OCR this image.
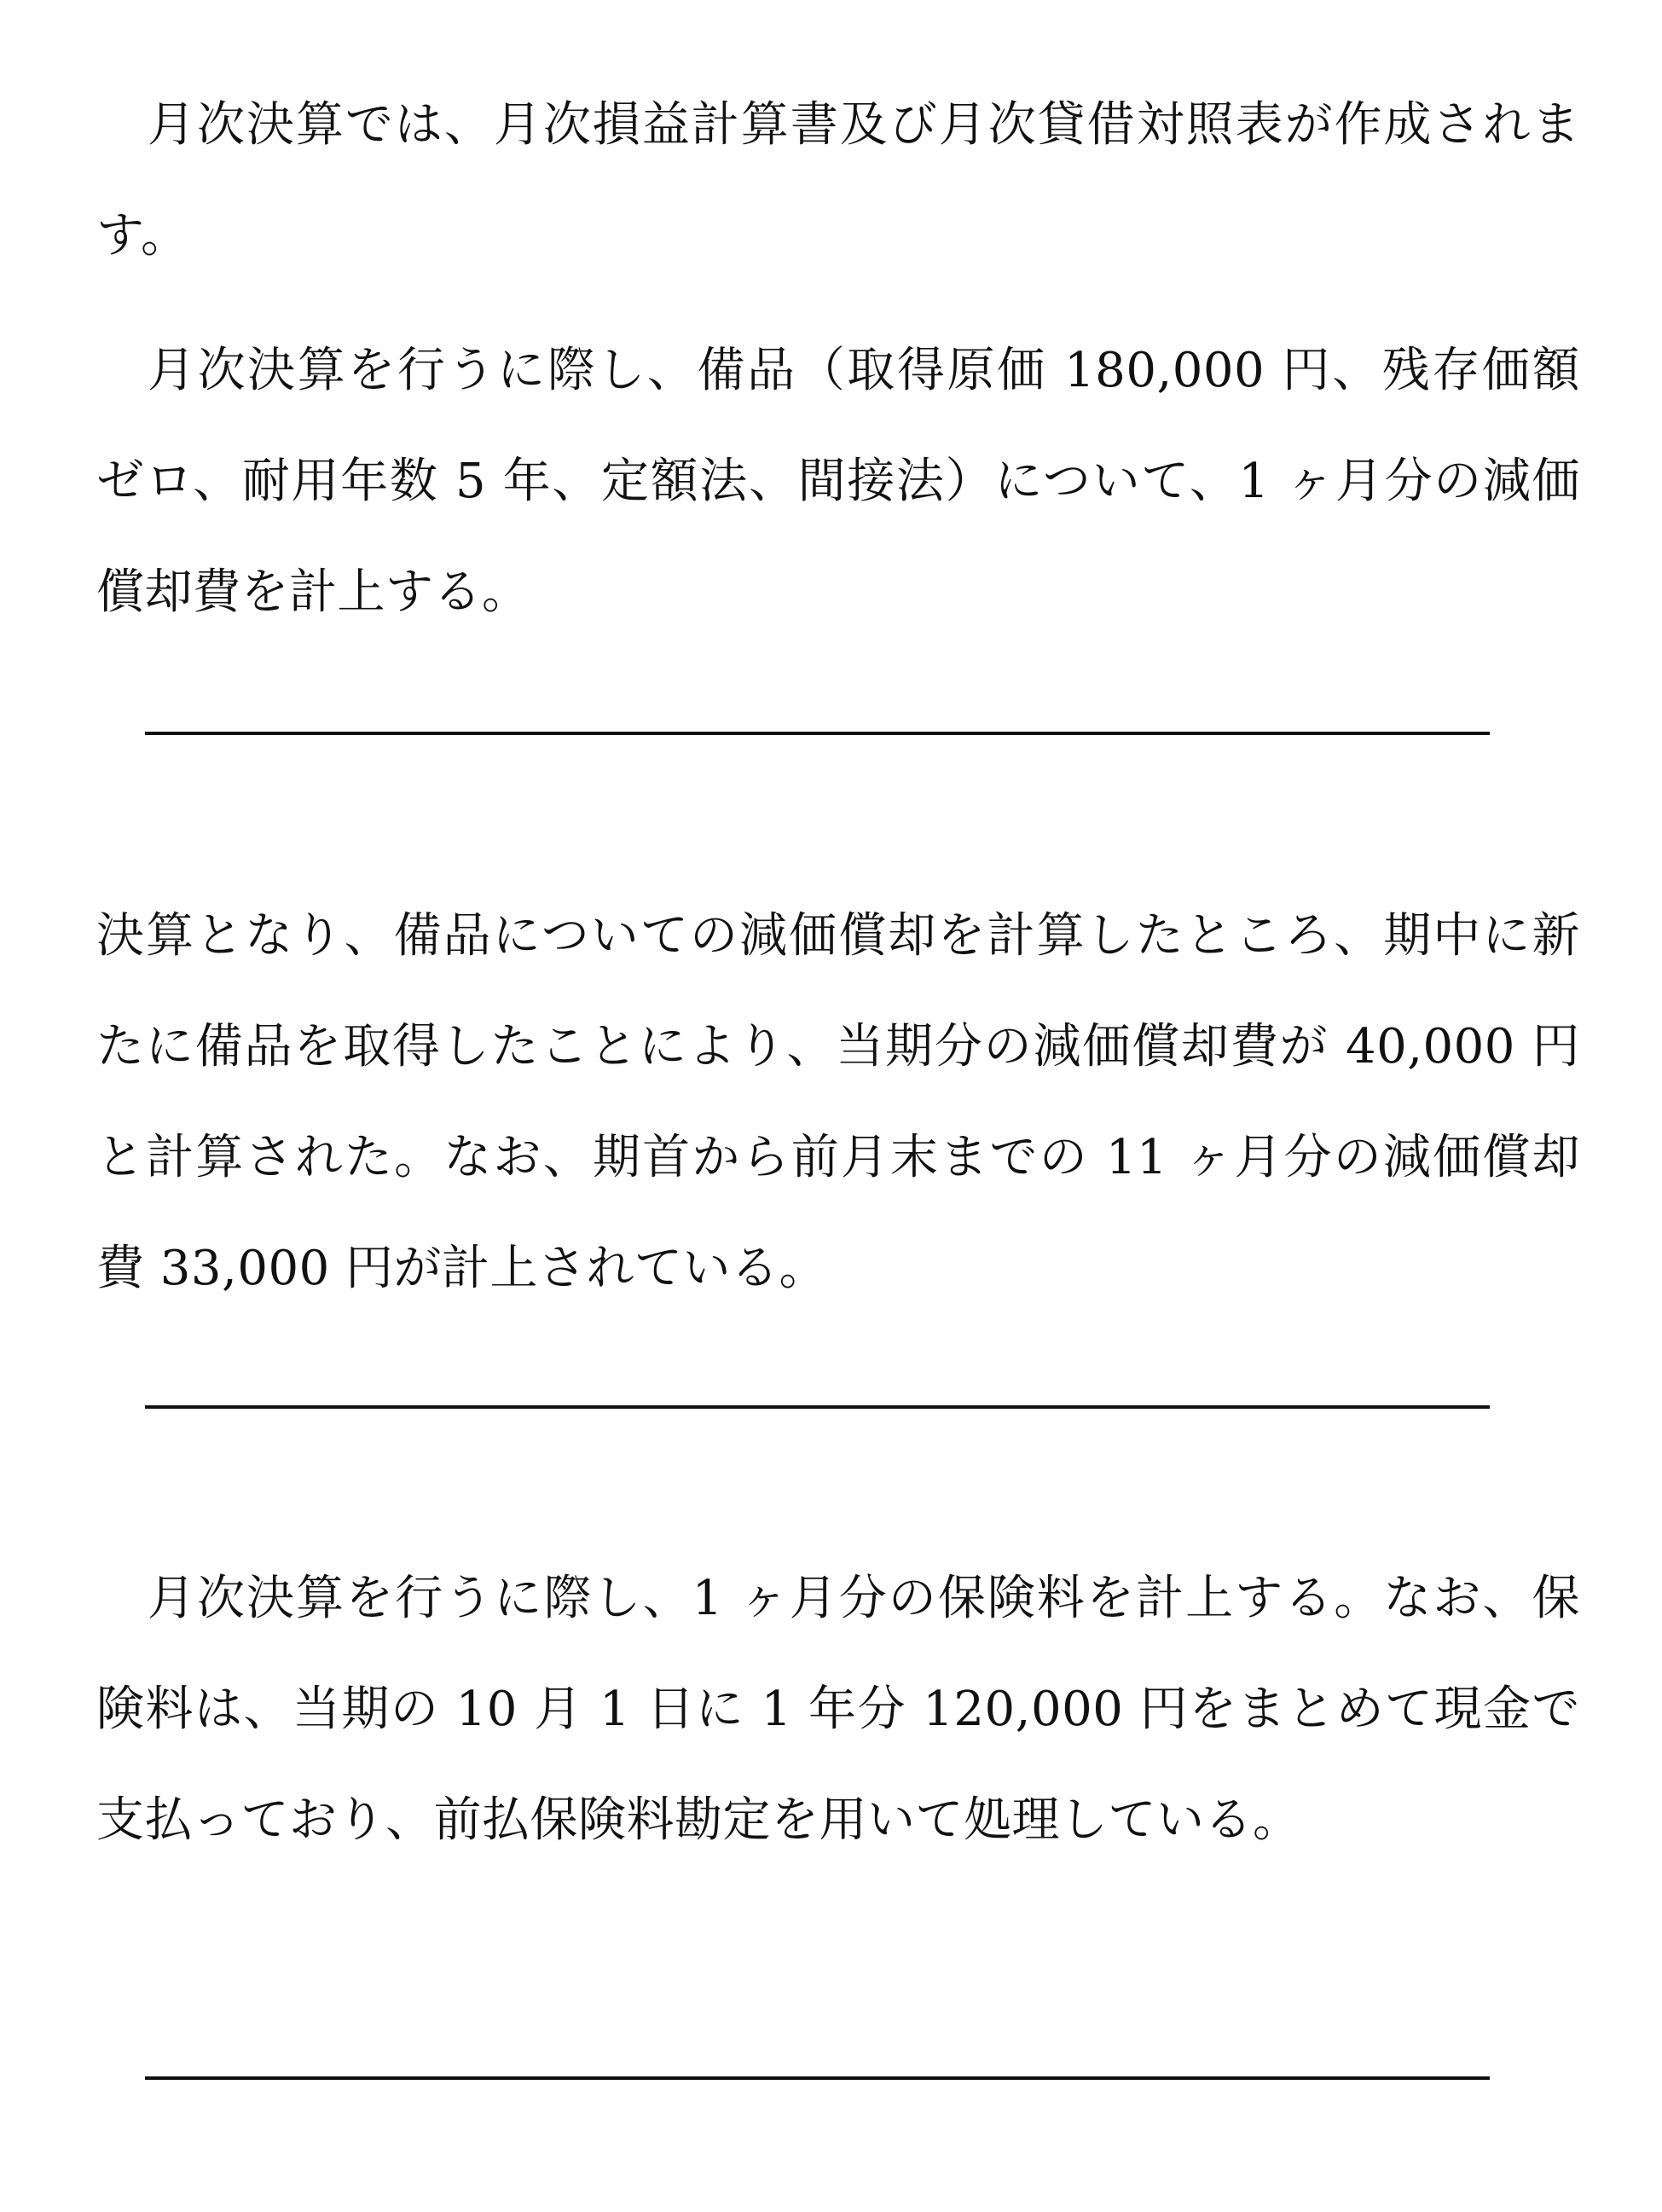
月次決算では、月次損益計算書及び月次貸借対照表が作成されます。

月次決算を行うに際し、備品（取得原価 180,000 円、残存価額ゼロ、耐用年数 5 年、定額法、間接法）について、1 ヶ月分の減価償却費を計上する。

決算となり、備品についての減価償却を計算したところ、期中に新たに備品を取得したことにより、当期分の減価償却費が 40,000 円と計算された。なお、期首から前月末までの 11 ヶ月分の減価償却費 33,000 円が計上されている。

月次決算を行うに際し、1 ヶ月分の保険料を計上する。なお、保険料は、当期の 10 月 1 日に 1 年分 120,000 円をまとめて現金で支払っており、前払保険料勘定を用いて処理している。
